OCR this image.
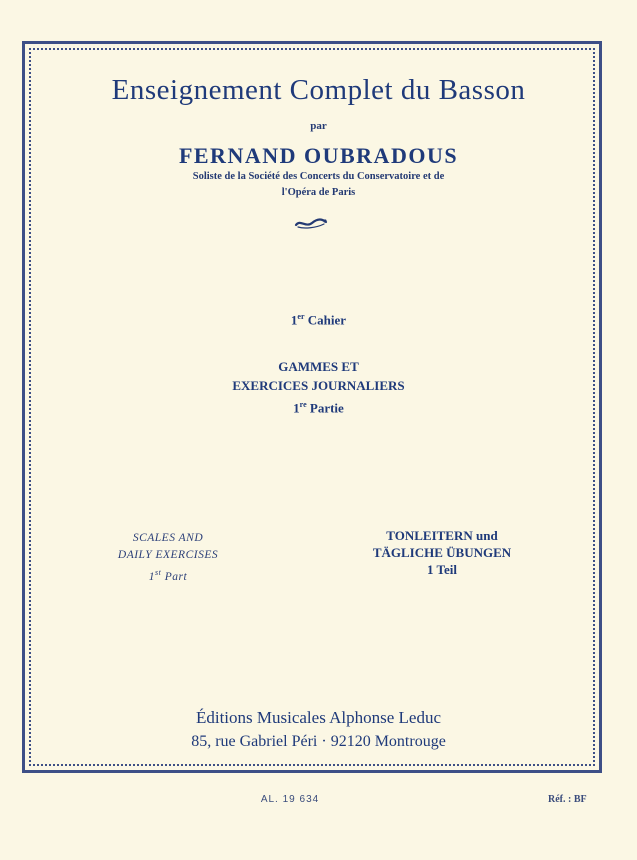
Enseignement Complet du Basson
par
FERNAND OUBRADOUS
Soliste de la Société des Concerts du Conservatoire et de
l'Opéra de Paris
1er Cahier
GAMMES ET
EXERCICES JOURNALIERS
1re Partie
SCALES AND
DAILY EXERCISES
1st Part
TONLEITERN und
TÄGLICHE ÜBUNGEN
1 Teil
Éditions Musicales Alphonse Leduc
85, rue Gabriel Péri · 92120 Montrouge
AL. 19 634	Réf. : BF
